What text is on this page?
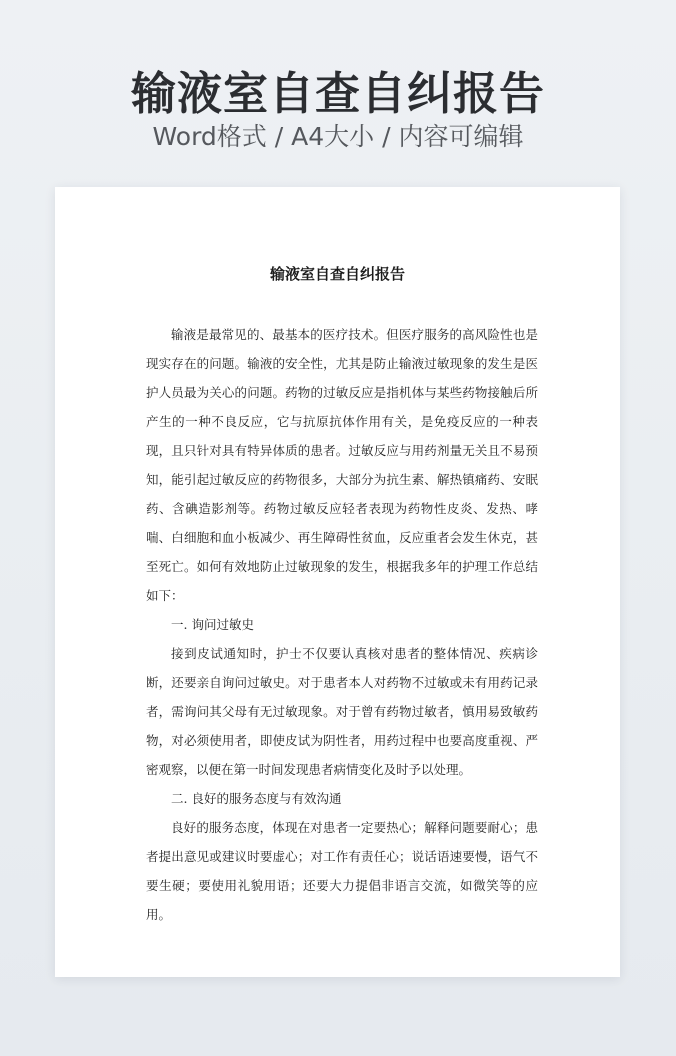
输液室自查自纠报告
Word格式 / A4大小 / 内容可编辑
输液室自查自纠报告

输液是最常见的、最基本的医疗技术。但医疗服务的高风险性也是现实存在的问题。输液的安全性，尤其是防止输液过敏现象的发生是医护人员最为关心的问题。药物的过敏反应是指机体与某些药物接触后所产生的一种不良反应，它与抗原抗体作用有关，是免疫反应的一种表现，且只针对具有特异体质的患者。过敏反应与用药剂量无关且不易预知，能引起过敏反应的药物很多，大部分为抗生素、解热镇痛药、安眠药、含碘造影剂等。药物过敏反应轻者表现为药物性皮炎、发热、哮喘、白细胞和血小板减少、再生障碍性贫血，反应重者会发生休克，甚至死亡。如何有效地防止过敏现象的发生，根据我多年的护理工作总结如下：

一. 询问过敏史

接到皮试通知时，护士不仅要认真核对患者的整体情况、疾病诊断，还要亲自询问过敏史。对于患者本人对药物不过敏或未有用药记录者，需询问其父母有无过敏现象。对于曾有药物过敏者，慎用易致敏药物，对必须使用者，即使皮试为阴性者，用药过程中也要高度重视、严密观察，以便在第一时间发现患者病情变化及时予以处理。

二. 良好的服务态度与有效沟通

良好的服务态度，体现在对患者一定要热心；解释问题要耐心；患者提出意见或建议时要虚心；对工作有责任心；说话语速要慢，语气不要生硬；要使用礼貌用语；还要大力提倡非语言交流，如微笑等的应用。
